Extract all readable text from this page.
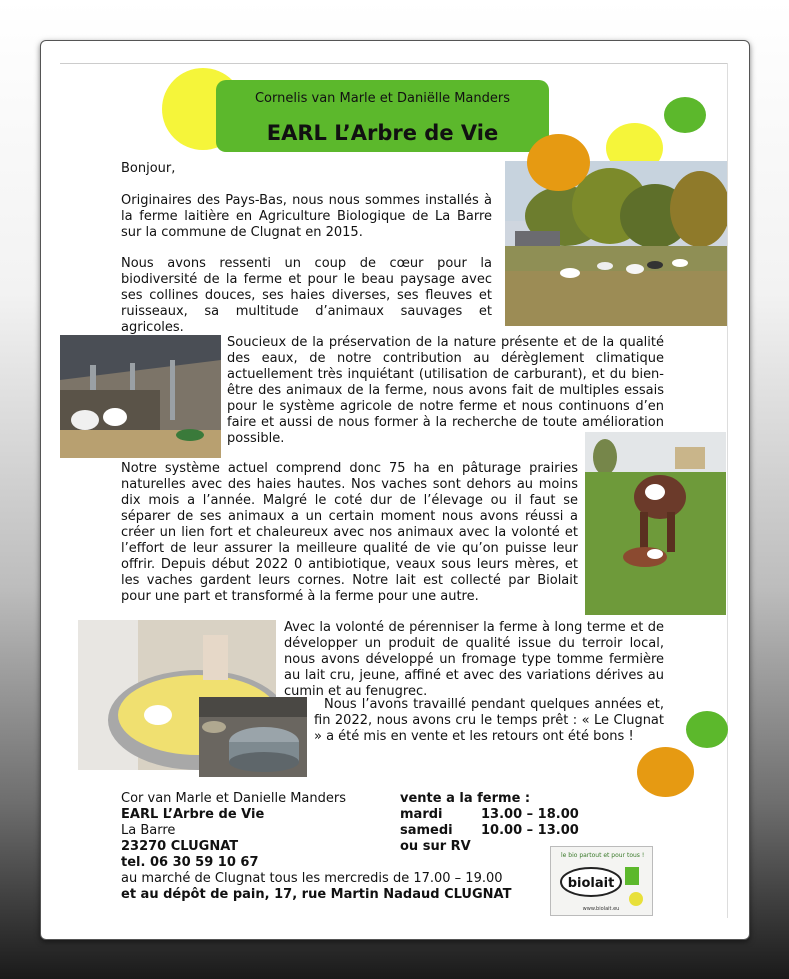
Cornelis van Marle et Daniëlle Manders
EARL L’Arbre de Vie

Bonjour,

Originaires des Pays-Bas, nous nous sommes installés à la ferme laitière en Agriculture Biologique de La Barre sur la commune de Clugnat en 2015.

Nous avons ressenti un coup de cœur pour la biodiversité de la ferme et pour le beau paysage avec ses collines douces, ses haies diverses, ses fleuves et ruisseaux, sa multitude d’animaux sauvages et agricoles.

Soucieux de la préservation de la nature présente et de la qualité des eaux, de notre contribution au dérèglement climatique actuellement très inquiétant (utilisation de carburant), et du bien-être des animaux de la ferme, nous avons fait de multiples essais pour le système agricole de notre ferme et nous continuons d’en faire et aussi de nous former à la recherche de toute amélioration possible.

Notre système actuel comprend donc 75 ha en pâturage prairies naturelles avec des haies hautes. Nos vaches sont dehors au moins dix mois a l’année. Malgré le coté dur de l’élevage ou il faut se séparer de ses animaux a un certain moment nous avons réussi a créer un lien fort et chaleureux avec nos animaux avec la volonté et l’effort de leur assurer la meilleure qualité de vie qu’on puisse leur offrir. Depuis début 2022 0 antibiotique, veaux sous leurs mères, et les vaches gardent leurs cornes. Notre lait est collecté par Biolait pour une part et transformé à la ferme pour une autre.

Avec la volonté de pérenniser la ferme à long terme et de développer un produit de qualité issue du terroir local, nous avons développé un fromage type tomme fermière au lait cru, jeune, affiné et avec des variations dérives au cumin et au fenugrec.

Nous l’avons travaillé pendant quelques années et, fin 2022, nous avons cru le temps prêt : « Le Clugnat » a été mis en vente et les retours ont été bons !

Cor van Marle et Danielle Manders
EARL L’Arbre de Vie
La Barre
23270 CLUGNAT
tel. 06 30 59 10 67
au marché de Clugnat tous les mercredis de 17.00 – 19.00
et au dépôt de pain, 17, rue Martin Nadaud CLUGNAT
vente a la ferme :
mardi	13.00 – 18.00
samedi 10.00 – 13.00
ou sur RV
le bio partout et pour tous !
biolait
www.biolait.eu
